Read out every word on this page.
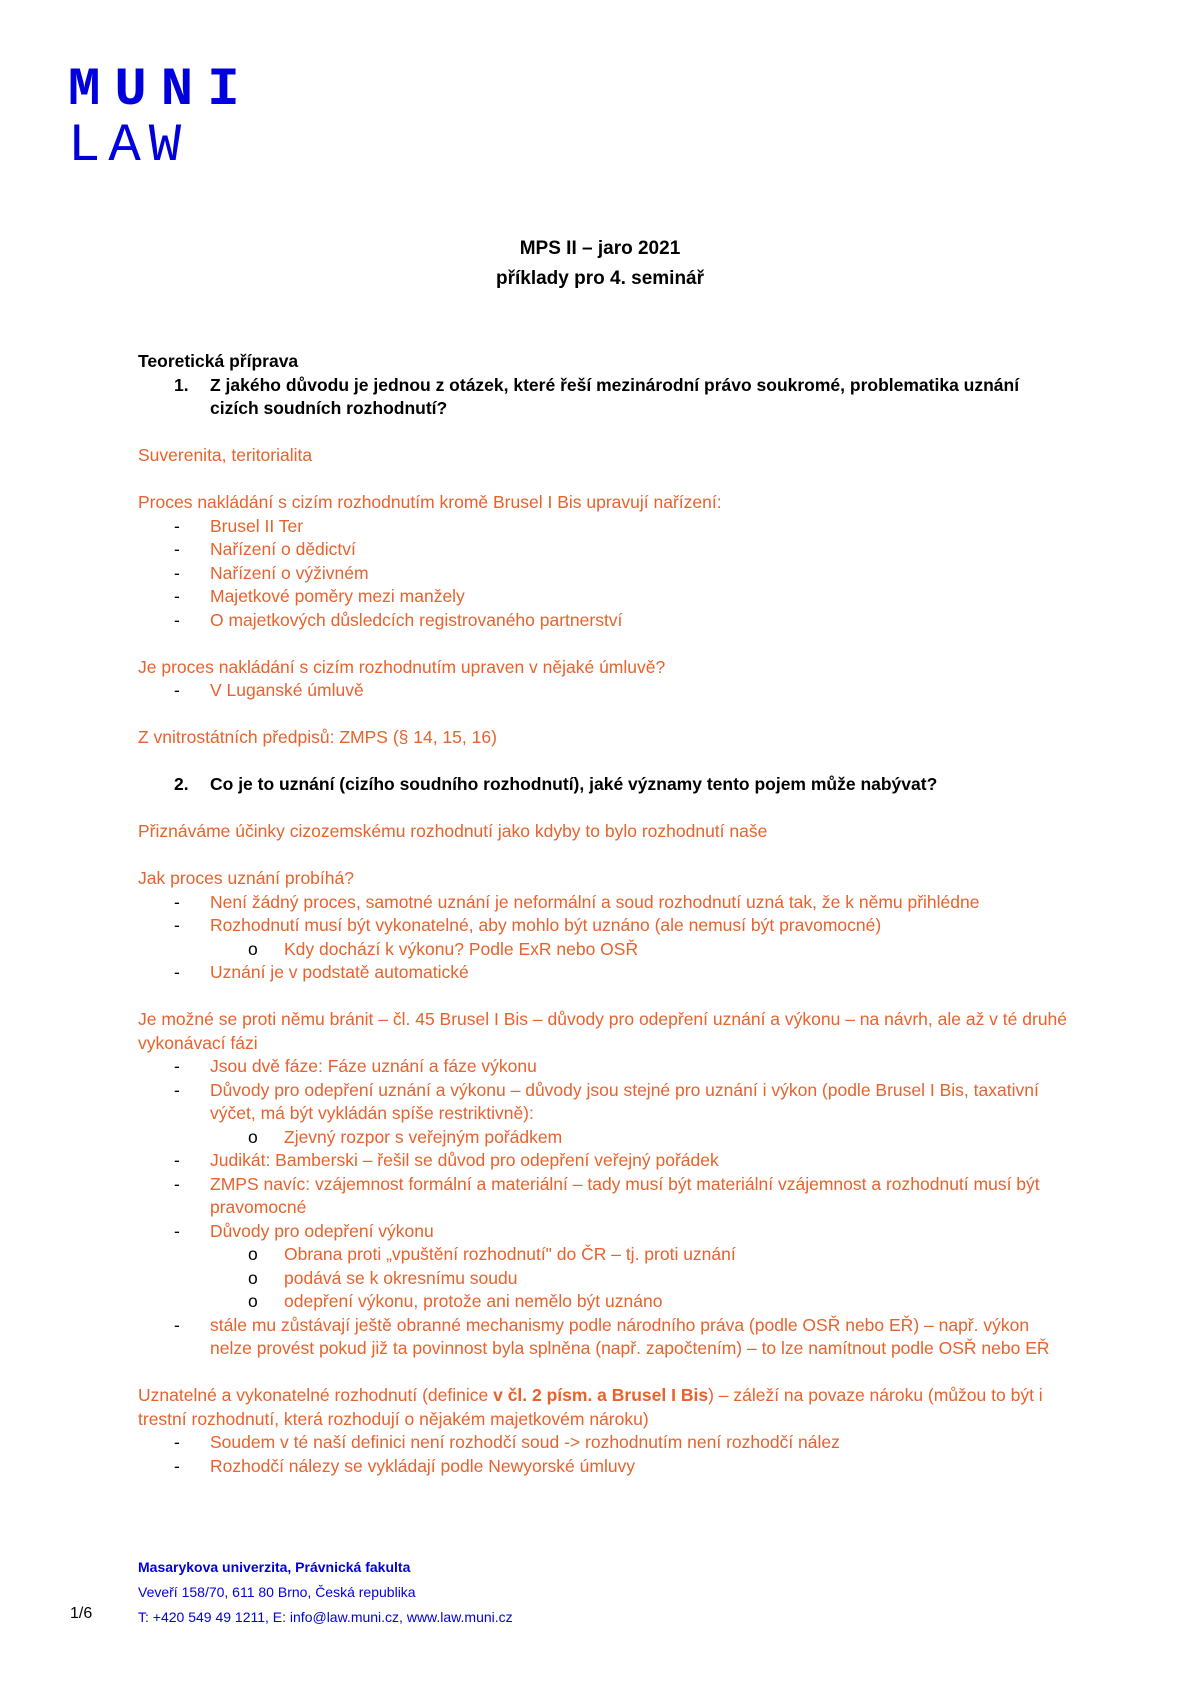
MUNI
LAW
MPS II – jaro 2021
příklady pro 4. seminář
Teoretická příprava
1.	Z jakého důvodu je jednou z otázek, které řeší mezinárodní právo soukromé, problematika uznání cizích soudních rozhodnutí?
Suverenita, teritorialita
Proces nakládání s cizím rozhodnutím kromě Brusel I Bis upravují nařízení:
-	Brusel II Ter
-	Nařízení o dědictví
-	Nařízení o výživném
-	Majetkové poměry mezi manžely
-	O majetkových důsledcích registrovaného partnerství
Je proces nakládání s cizím rozhodnutím upraven v nějaké úmluvě?
-	V Luganské úmluvě
Z vnitrostátních předpisů: ZMPS (§ 14, 15, 16)
2.	Co je to uznání (cizího soudního rozhodnutí), jaké významy tento pojem může nabývat?
Přiznáváme účinky cizozemskému rozhodnutí jako kdyby to bylo rozhodnutí naše
Jak proces uznání probíhá?
-	Není žádný proces, samotné uznání je neformální a soud rozhodnutí uzná tak, že k němu přihlédne
-	Rozhodnutí musí být vykonatelné, aby mohlo být uznáno (ale nemusí být pravomocné)
o	Kdy dochází k výkonu? Podle ExR nebo OSŘ
-	Uznání je v podstatě automatické
Je možné se proti němu bránit – čl. 45 Brusel I Bis – důvody pro odepření uznání a výkonu – na návrh, ale až v té druhé vykonávací fázi
-	Jsou dvě fáze: Fáze uznání a fáze výkonu
-	Důvody pro odepření uznání a výkonu – důvody jsou stejné pro uznání i výkon (podle Brusel I Bis, taxativní výčet, má být vykládán spíše restriktivně):
o	Zjevný rozpor s veřejným pořádkem
-	Judikát: Bamberski – řešil se důvod pro odepření veřejný pořádek
-	ZMPS navíc: vzájemnost formální a materiální – tady musí být materiální vzájemnost a rozhodnutí musí být pravomocné
-	Důvody pro odepření výkonu
o	Obrana proti „vpuštění rozhodnutí" do ČR – tj. proti uznání
o	podává se k okresnímu soudu
o	odepření výkonu, protože ani nemělo být uznáno
-	stále mu zůstávají ještě obranné mechanismy podle národního práva (podle OSŘ nebo EŘ) – např. výkon nelze provést pokud již ta povinnost byla splněna (např. započtením) – to lze namítnout podle OSŘ nebo EŘ
Uznatelné a vykonatelné rozhodnutí (definice v čl. 2 písm. a Brusel I Bis) – záleží na povaze nároku (můžou to být i trestní rozhodnutí, která rozhodují o nějakém majetkovém nároku)
-	Soudem v té naší definici není rozhodčí soud -> rozhodnutím není rozhodčí nález
-	Rozhodčí nálezy se vykládají podle Newyorské úmluvy
Masarykova univerzita, Právnická fakulta
Veveří 158/70, 611 80 Brno, Česká republika
T: +420 549 49 1211, E: info@law.muni.cz, www.law.muni.cz
1/6
